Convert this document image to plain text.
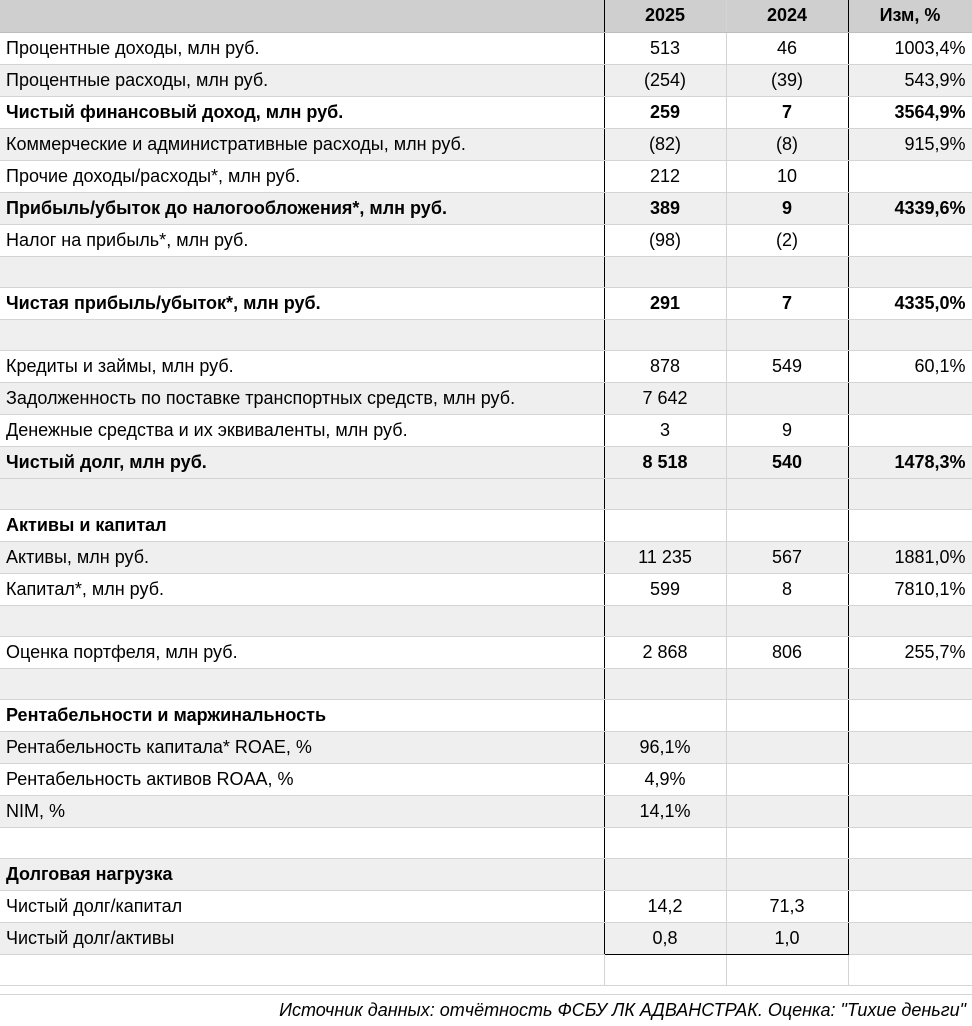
	2025	2024	Изм, %
Процентные доходы, млн руб.	513	46	1003,4%
Процентные расходы, млн руб.	(254)	(39)	543,9%
Чистый финансовый доход, млн руб.	259	7	3564,9%
Коммерческие и административные расходы, млн руб.	(82)	(8)	915,9%
Прочие доходы/расходы*, млн руб.	212	10	
Прибыль/убыток до налогообложения*, млн руб.	389	9	4339,6%
Налог на прибыль*, млн руб.	(98)	(2)	

Чистая прибыль/убыток*, млн руб.	291	7	4335,0%

Кредиты и займы, млн руб.	878	549	60,1%
Задолженность по поставке транспортных средств, млн руб.	7 642		
Денежные средства и их эквиваленты, млн руб.	3	9	
Чистый долг, млн руб.	8 518	540	1478,3%

Активы и капитал			
Активы, млн руб.	11 235	567	1881,0%
Капитал*, млн руб.	599	8	7810,1%

Оценка портфеля, млн руб.	2 868	806	255,7%

Рентабельности и маржинальность			
Рентабельность капитала* ROAE, %	96,1%		
Рентабельность активов ROAA, %	4,9%		
NIM, %	14,1%		

Долговая нагрузка			
Чистый долг/капитал	14,2	71,3	
Чистый долг/активы	0,8	1,0	

Источник данных: отчётность ФСБУ ЛК АДВАНСТРАК. Оценка: "Тихие деньги"
